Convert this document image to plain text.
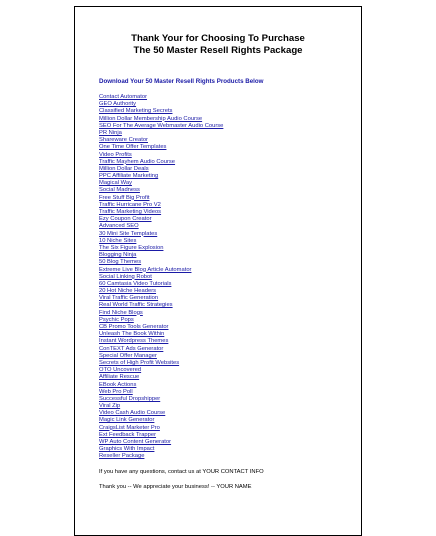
Thank Your for Choosing To Purchase
The 50 Master Resell Rights Package
Download Your 50 Master Resell Rights Products Below
Contact Automator
GEO Authority
Classified Marketing Secrets
Million Dollar Membership Audio Course
SEO For The Average Webmaster Audio Course
PR Ninja
Shareware Creator
One Time Offer Templates
Video Profits
Traffic Mayhem Audio Course
Million Dollar Deals
PPC Affiliate Marketing
Magical Way
Social Madness
Free Stuff Big Profit
Traffic Hurricane Pro V2
Traffic Marketing Videos
Ezy Coupon Creator
Advanced SEO
30 Mini Site Templates
10 Niche Sites
The Six Figure Explosion
Blogging Ninja
50 Blog Themes
Extreme Live Blog Article Automator
Social Linking Robot
60 Camtasia Video Tutorials
20 Hot Niche Headers
Viral Traffic Generation
Real World Traffic Strategies
Find Niche Blogs
Psychic Pops
CB Promo Tools Generator
Unleash The Book Within
Instant Wordpress Themes
ConTEXT Ads Generator
Special Offer Manager
Secrets of High Profit Websites
OTO Uncovered
Affiliate Rescue
EBook Actions
Web Pro Poll
Successful Dropshipper
Viral Zip
Video Cash Audio Course
Magic Link Generator
CraigsList Marketer Pro
Ext Feedback Trapper
WP Auto Content Generator
Graphics With Impact
Reseller Package
If you have any questions, contact us at YOUR CONTACT INFO
Thank you -- We appreciate your business! -- YOUR NAME
